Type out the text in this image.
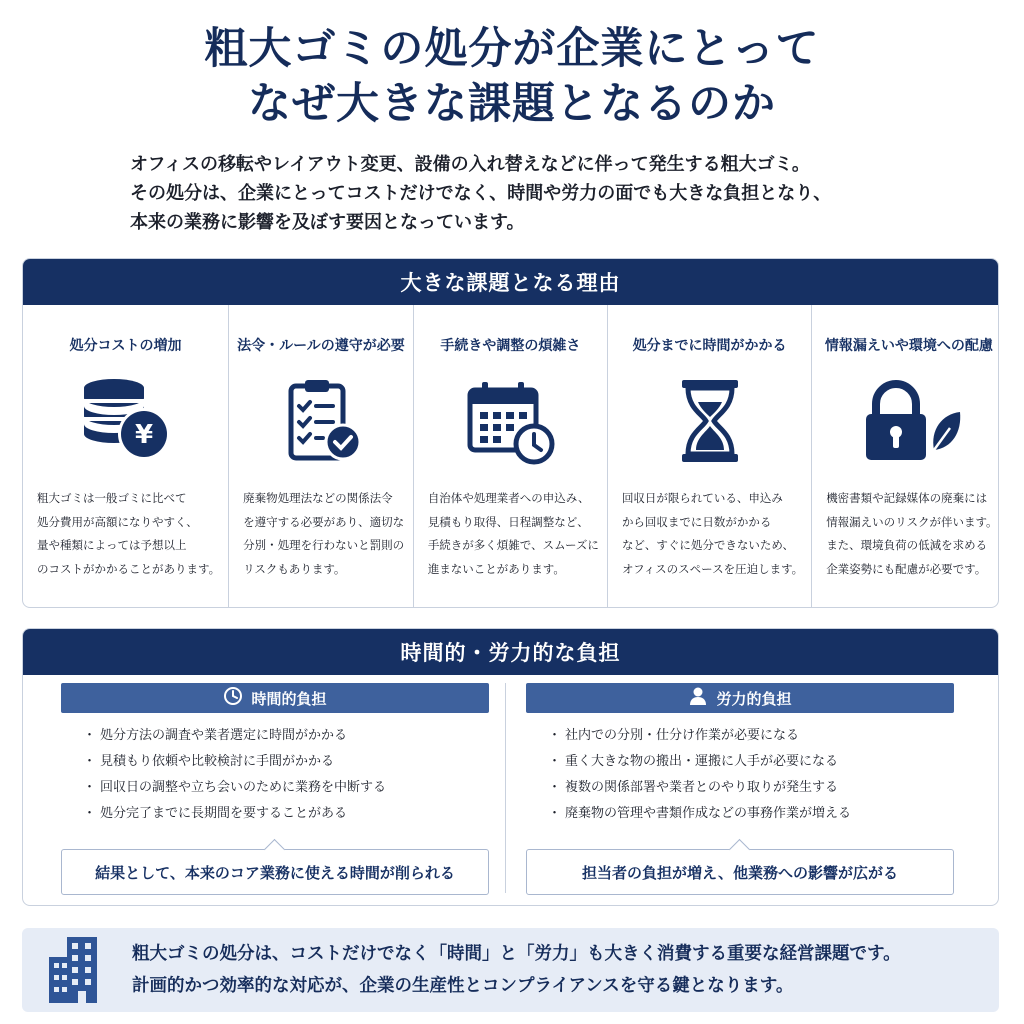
粗大ゴミの処分が企業にとって
なぜ大きな課題となるのか
オフィスの移転やレイアウト変更、設備の入れ替えなどに伴って発生する粗大ゴミ。
その処分は、企業にとってコストだけでなく、時間や労力の面でも大きな負担となり、
本来の業務に影響を及ぼす要因となっています。
大きな課題となる理由
処分コストの増加
¥
粗大ゴミは一般ゴミに比べて
処分費用が高額になりやすく、
量や種類によっては予想以上
のコストがかかることがあります。
法令・ルールの遵守が必要
廃棄物処理法などの関係法令
を遵守する必要があり、適切な
分別・処理を行わないと罰則の
リスクもあります。
手続きや調整の煩雑さ
自治体や処理業者への申込み、
見積もり取得、日程調整など、
手続きが多く煩雑で、スムーズに
進まないことがあります。
処分までに時間がかかる
回収日が限られている、申込み
から回収までに日数がかかる
など、すぐに処分できないため、
オフィスのスペースを圧迫します。
情報漏えいや環境への配慮
機密書類や記録媒体の廃棄には
情報漏えいのリスクが伴います。
また、環境負荷の低減を求める
企業姿勢にも配慮が必要です。
時間的・労力的な負担
時間的負担
・ 処分方法の調査や業者選定に時間がかかる
・ 見積もり依頼や比較検討に手間がかかる
・ 回収日の調整や立ち会いのために業務を中断する
・ 処分完了までに長期間を要することがある
結果として、本来のコア業務に使える時間が削られる
労力的負担
・ 社内での分別・仕分け作業が必要になる
・ 重く大きな物の搬出・運搬に人手が必要になる
・ 複数の関係部署や業者とのやり取りが発生する
・ 廃棄物の管理や書類作成などの事務作業が増える
担当者の負担が増え、他業務への影響が広がる
粗大ゴミの処分は、コストだけでなく「時間」と「労力」も大きく消費する重要な経営課題です。
計画的かつ効率的な対応が、企業の生産性とコンプライアンスを守る鍵となります。
